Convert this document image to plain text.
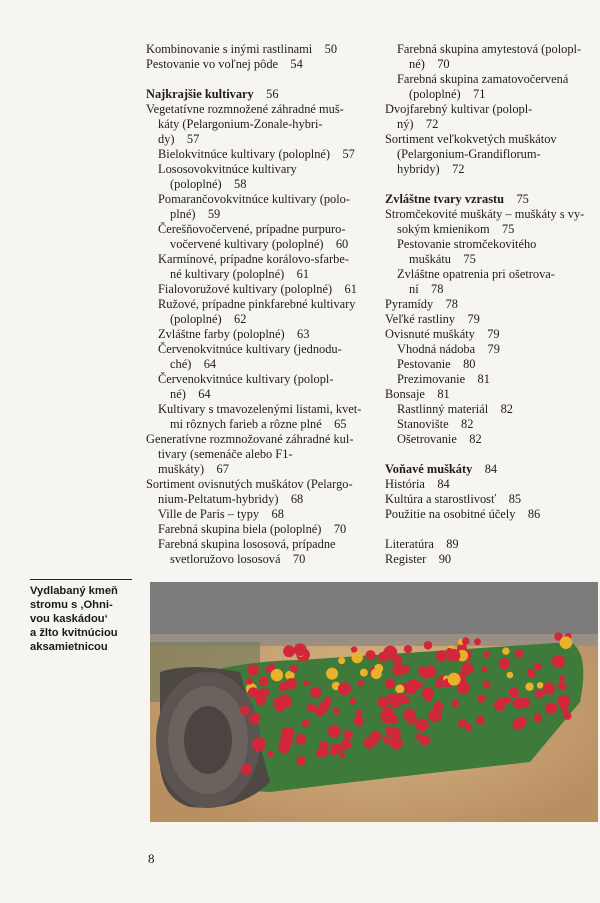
Kombinovanie s inými rastlinami   50
Pestovanie vo voľnej pôde   54
Najkrajšie kultivary   56
Vegetatívne rozmnožené záhradné muš-
káty (Pelargonium-Zonale-hybri-
dy)   57
Bielokvitnúce kultivary (poloplné)   57
Lososovokvitnúce kultivary
(poloplné)   58
Pomarančovokvitnúce kultivary (polo-
plné)   59
Čerešňovočervené, prípadne purpuro-
vočervené kultivary (poloplné)   60
Karmínové, prípadne korálovo-sfarbe-
né kultivary (poloplné)   61
Fialovoružové kultivary (poloplné)   61
Ružové, prípadne pinkfarebné kultivary
(poloplné)   62
Zvláštne farby (poloplné)   63
Červenokvitnúce kultivary (jednodu-
ché)   64
Červenokvitnúce kultivary (polopl-
né)   64
Kultivary s tmavozelenými listami, kvet-
mi rôznych farieb a rôzne plné   65
Generatívne rozmnožované záhradné kul-
tivary (semenáče alebo F1-
muškáty)   67
Sortiment ovisnutých muškátov (Pelargo-
nium-Peltatum-hybridy)   68
Ville de Paris – typy   68
Farebná skupina biela (poloplné)   70
Farebná skupina lososová, prípadne
svetloružovo lososová   70
Farebná skupina amytestová (polopl-
né)   70
Farebná skupina zamatovočervená
(poloplné)   71
Dvojfarebný kultivar (polopl-
ný)   72
Sortiment veľkokvetých muškátov
(Pelargonium-Grandiflorum-
hybridy)   72
Zvláštne tvary vzrastu   75
Stromčekovité muškáty – muškáty s vy-
sokým kmienikom   75
Pestovanie stromčekovitého
muškátu   75
Zvláštne opatrenia pri ošetrova-
ní   78
Pyramídy   78
Veľké rastliny   79
Ovisnuté muškáty   79
Vhodná nádoba   79
Pestovanie   80
Prezimovanie   81
Bonsaje   81
Rastlinný materiál   82
Stanovište   82
Ošetrovanie   82
Voňavé muškáty   84
História   84
Kultúra a starostlivosť   85
Použitie na osobitné účely   86
Literatúra   89
Register   90
Vydlabaný kmeň
stromu s ‚Ohni-
vou kaskádou‘
a žlto kvitnúciou
aksamietnicou
8
